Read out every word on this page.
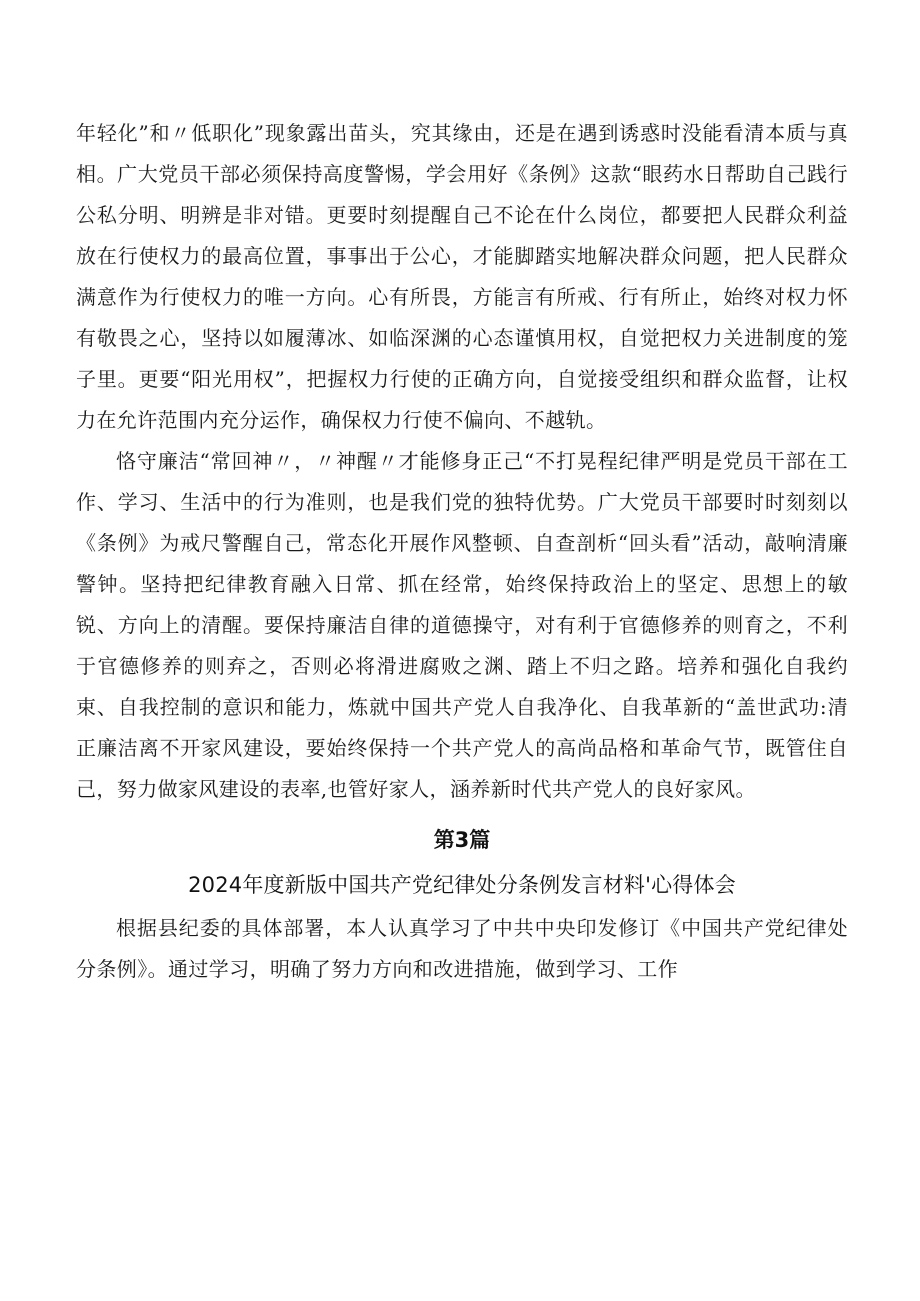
年轻化”和〃低职化”现象露出苗头，究其缘由，还是在遇到诱惑时没能看清本质与真相。广大党员干部必须保持高度警惕，学会用好《条例》这款“眼药水日帮助自己践行公私分明、明辨是非对错。更要时刻提醒自己不论在什么岗位，都要把人民群众利益放在行使权力的最高位置，事事出于公心，才能脚踏实地解决群众问题，把人民群众满意作为行使权力的唯一方向。心有所畏，方能言有所戒、行有所止，始终对权力怀有敬畏之心，坚持以如履薄冰、如临深渊的心态谨慎用权，自觉把权力关进制度的笼子里。更要“阳光用权”，把握权力行使的正确方向，自觉接受组织和群众监督，让权力在允许范围内充分运作，确保权力行使不偏向、不越轨。

恪守廉洁“常回神〃，〃神醒〃才能修身正己“不打晃程纪律严明是党员干部在工作、学习、生活中的行为准则，也是我们党的独特优势。广大党员干部要时时刻刻以《条例》为戒尺警醒自己，常态化开展作风整顿、自查剖析“回头看”活动，敲响清廉警钟。坚持把纪律教育融入日常、抓在经常，始终保持政治上的坚定、思想上的敏锐、方向上的清醒。要保持廉洁自律的道德操守，对有利于官德修养的则育之，不利于官德修养的则弃之，否则必将滑进腐败之渊、踏上不归之路。培养和强化自我约束、自我控制的意识和能力，炼就中国共产党人自我净化、自我革新的“盖世武功:清正廉洁离不开家风建设，要始终保持一个共产党人的高尚品格和革命气节，既管住自己，努力做家风建设的表率,也管好家人，涵养新时代共产党人的良好家风。

第3篇
2024年度新版中国共产党纪律处分条例发言材料'心得体会

根据县纪委的具体部署，本人认真学习了中共中央印发修订《中国共产党纪律处分条例》。通过学习，明确了努力方向和改进措施，做到学习、工作
